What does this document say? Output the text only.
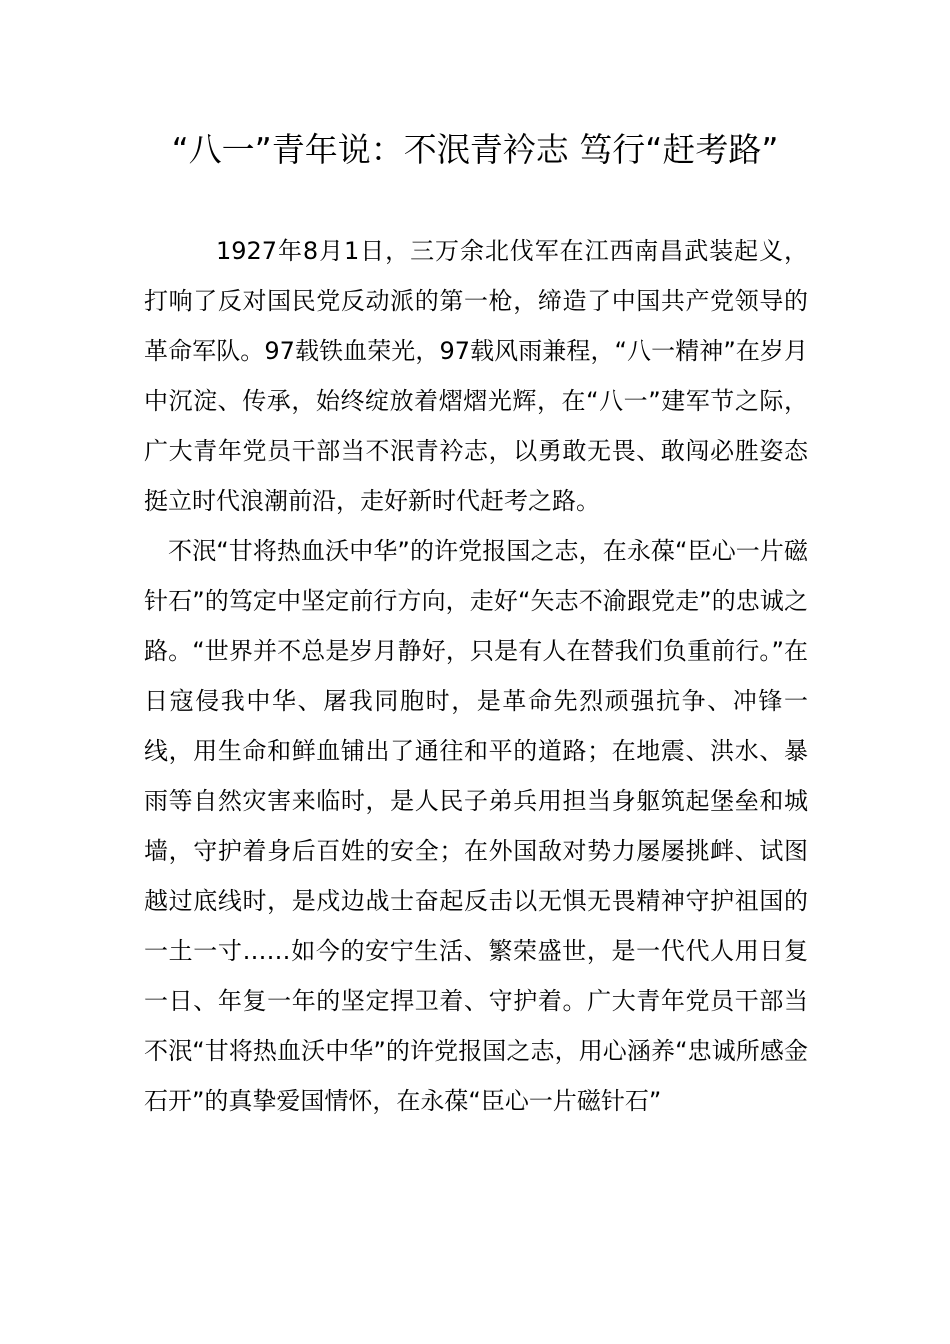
“八一”青年说：不泯青衿志 笃行“赶考路”

1927年8月1日，三万余北伐军在江西南昌武装起义，打响了反对国民党反动派的第一枪，缔造了中国共产党领导的革命军队。97载铁血荣光，97载风雨兼程，“八一精神”在岁月中沉淀、传承，始终绽放着熠熠光辉，在“八一”建军节之际，广大青年党员干部当不泯青衿志，以勇敢无畏、敢闯必胜姿态挺立时代浪潮前沿，走好新时代赶考之路。

不泯“甘将热血沃中华”的许党报国之志，在永葆“臣心一片磁针石”的笃定中坚定前行方向，走好“矢志不渝跟党走”的忠诚之路。“世界并不总是岁月静好，只是有人在替我们负重前行。”在日寇侵我中华、屠我同胞时，是革命先烈顽强抗争、冲锋一线，用生命和鲜血铺出了通往和平的道路；在地震、洪水、暴雨等自然灾害来临时，是人民子弟兵用担当身躯筑起堡垒和城墙，守护着身后百姓的安全；在外国敌对势力屡屡挑衅、试图越过底线时，是戍边战士奋起反击以无惧无畏精神守护祖国的一土一寸……如今的安宁生活、繁荣盛世，是一代代人用日复一日、年复一年的坚定捍卫着、守护着。广大青年党员干部当不泯“甘将热血沃中华”的许党报国之志，用心涵养“忠诚所感金石开”的真挚爱国情怀，在永葆“臣心一片磁针石”
